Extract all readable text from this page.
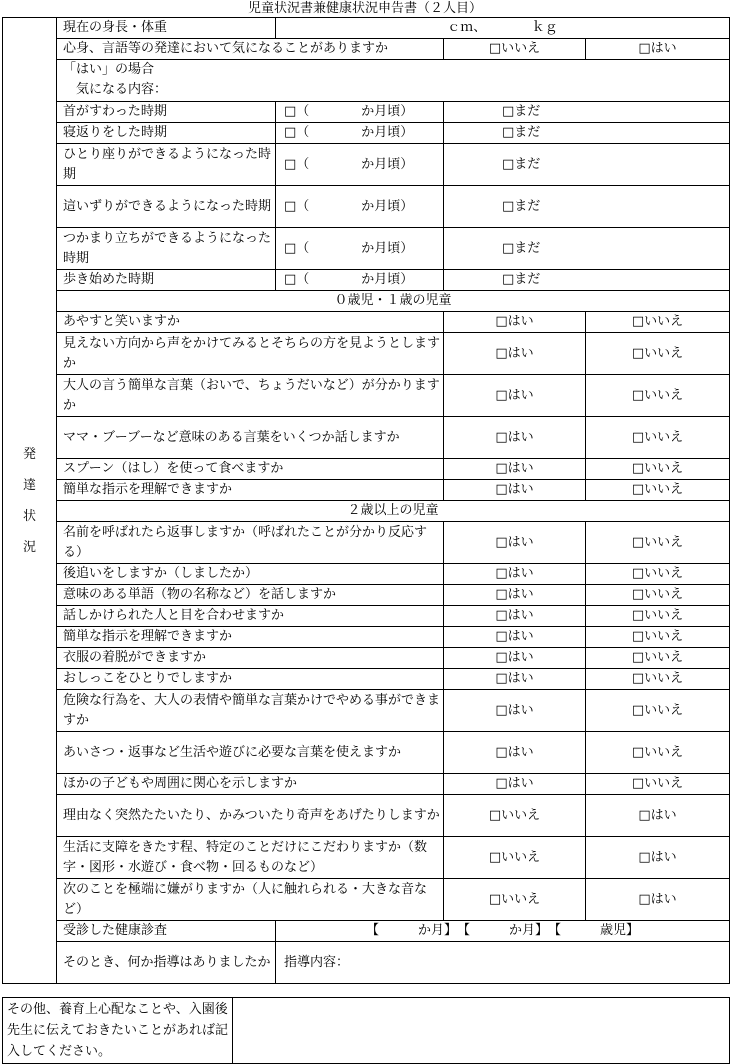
児童状況書兼健康状況申告書（２人目）
発
達
状
況	現在の身長・体重	ｃｍ、　　　　ｋｇ		
	心身、言語等の発達において気になることがありますか		□いいえ	□はい

	「はい」の場合
気になる内容：			

	首がすわった時期	□（　　　　か月頃）	□まだ	
	寝返りをした時期	□（　　　　か月頃）	□まだ	
	ひとり座りができるようになった時期	□（　　　　か月頃）	□まだ	
	這いずりができるようになった時期	□（　　　　か月頃）	□まだ	
	つかまり立ちができるようになった時期	□（　　　　か月頃）	□まだ	
	歩き始めた時期	□（　　　　か月頃）	□まだ	
	０歳児・１歳の児童			
	あやすと笑いますか		□はい	□いいえ
	見えない方向から声をかけてみるとそちらの方を見ようとしますか		□はい	□いいえ
	大人の言う簡単な言葉（おいで、ちょうだいなど）が分かりますか		□はい	□いいえ
	ママ・ブーブーなど意味のある言葉をいくつか話しますか		□はい	□いいえ
	スプーン（はし）を使って食べますか		□はい	□いいえ
	簡単な指示を理解できますか		□はい	□いいえ
	２歳以上の児童			
	名前を呼ばれたら返事しますか（呼ばれたことが分かり反応する）		□はい	□いいえ
	後追いをしますか（しましたか）		□はい	□いいえ
	意味のある単語（物の名称など）を話しますか		□はい	□いいえ
	話しかけられた人と目を合わせますか		□はい	□いいえ
	簡単な指示を理解できますか		□はい	□いいえ
	衣服の着脱ができますか		□はい	□いいえ
	おしっこをひとりでしますか		□はい	□いいえ
	危険な行為を、大人の表情や簡単な言葉かけでやめる事ができますか		□はい	□いいえ
	あいさつ・返事など生活や遊びに必要な言葉を使えますか		□はい	□いいえ
	ほかの子どもや周囲に関心を示しますか		□はい	□いいえ
	理由なく突然たたいたり、かみついたり奇声をあげたりしますか		□いいえ	□はい
	生活に支障をきたす程、特定のことだけにこだわりますか（数字・図形・水遊び・食べ物・回るものなど）		□いいえ	□はい
	次のことを極端に嫌がりますか（人に触れられる・大きな音など）		□いいえ	□はい
	受診した健康診査	【　　　か月】　【　　　か月】　【　　　歳児】		
	そのとき、何か指導はありましたか	指導内容：		
その他、養育上心配なことや、入園後先生に伝えておきたいことがあれば記入してください。	
